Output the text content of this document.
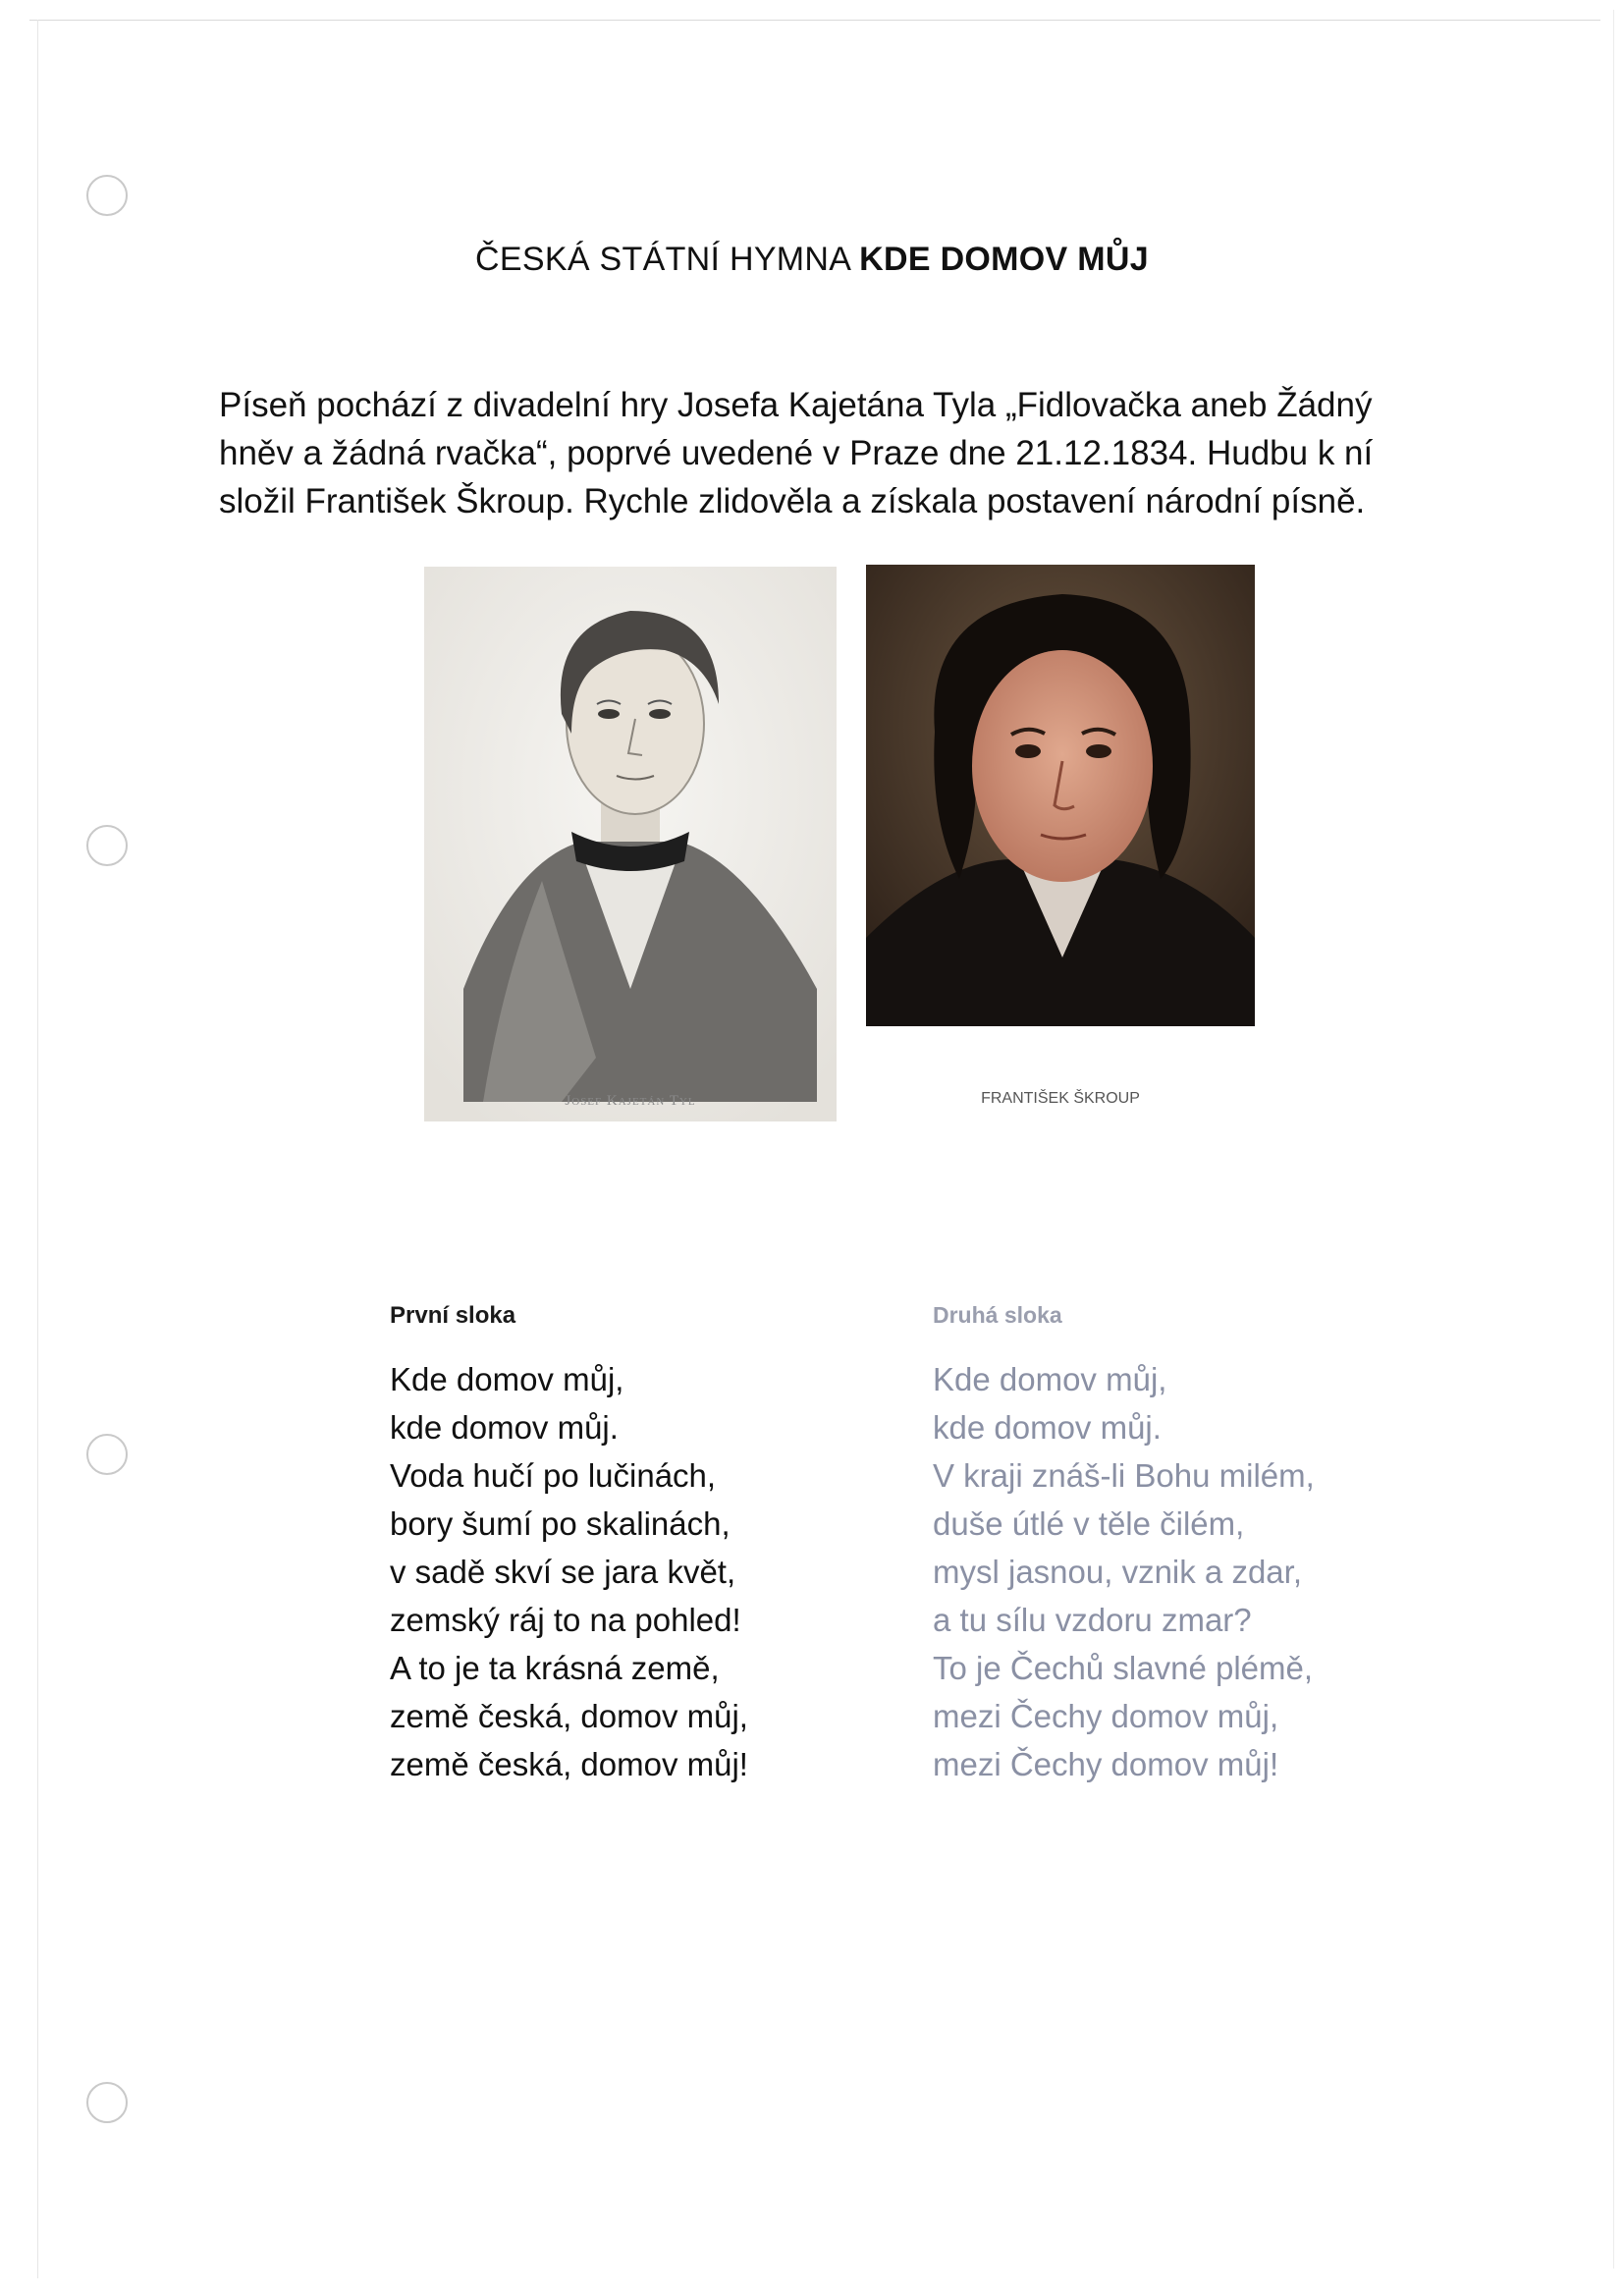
ČESKÁ STÁTNÍ HYMNA KDE DOMOV MŮJ
Píseň pochází z divadelní hry Josefa Kajetána Tyla „Fidlovačka aneb Žádný
hněv a žádná rvačka“, poprvé uvedené v Praze dne 21.12.1834. Hudbu k ní
složil František Škroup. Rychle zlidověla a získala postavení národní písně.
Josef Kajetán Tyl	FRANTIŠEK ŠKROUP
První sloka
Kde domov můj,
kde domov můj.
Voda hučí po lučinách,
bory šumí po skalinách,
v sadě skví se jara květ,
zemský ráj to na pohled!
A to je ta krásná země,
země česká, domov můj,
země česká, domov můj!
Druhá sloka
Kde domov můj,
kde domov můj.
V kraji znáš-li Bohu milém,
duše útlé v těle čilém,
mysl jasnou, vznik a zdar,
a tu sílu vzdoru zmar?
To je Čechů slavné plémě,
mezi Čechy domov můj,
mezi Čechy domov můj!
